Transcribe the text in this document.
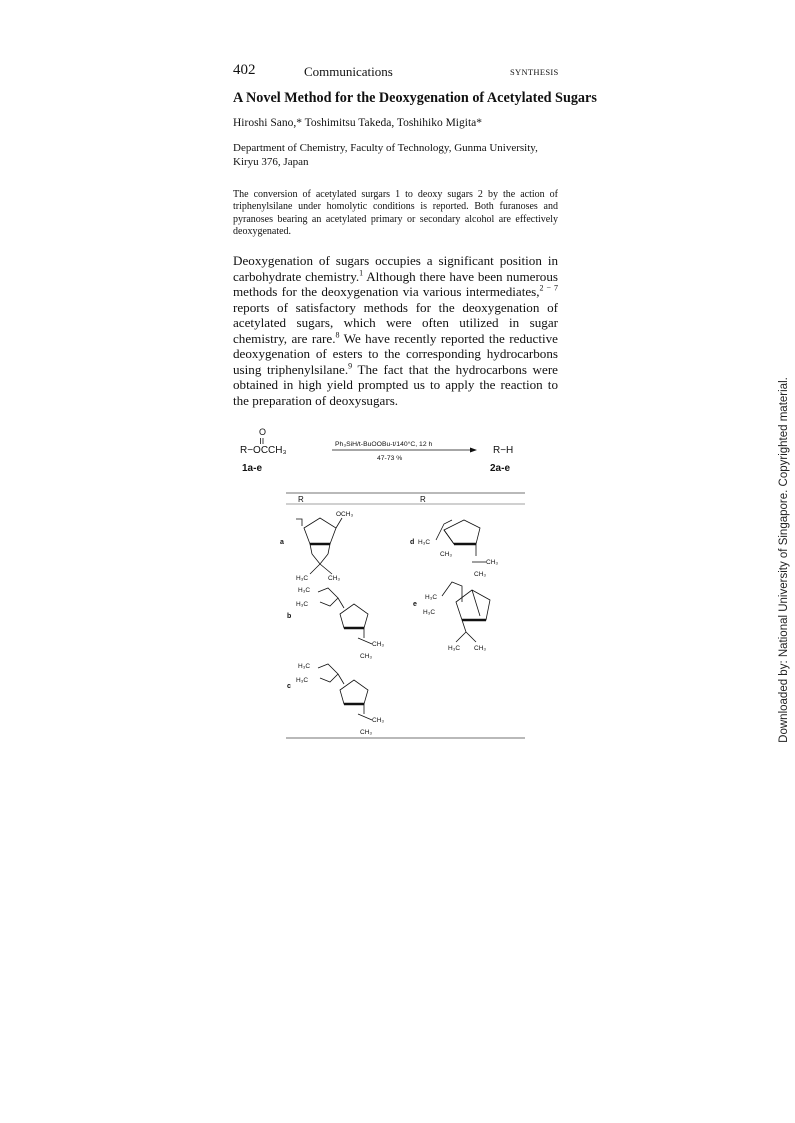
402	Communications	SYNTHESIS
A Novel Method for the Deoxygenation of Acetylated Sugars
Hiroshi Sano,* Toshimitsu Takeda, Toshihiko Migita*
Department of Chemistry, Faculty of Technology, Gunma University, Kiryu 376, Japan
The conversion of acetylated surgars 1 to deoxy sugars 2 by the action of triphenylsilane under homolytic conditions is reported. Both furanoses and pyranoses bearing an acetylated primary or secondary alcohol are effectively deoxygenated.
Deoxygenation of sugars occupies a significant position in carbohydrate chemistry.$^1$ Although there have been numerous methods for the deoxygenation via various intermediates,$^{2 - 7}$ reports of satisfactory methods for the deoxygenation of acetylated sugars, which were often utilized in sugar chemistry, are rare.$^8$ We have recently reported the reductive deoxygenation of esters to the corresponding hydrocarbons using triphenylsilane.$^9$ The fact that the hydrocarbons were obtained in high yield prompted us to apply the reaction to the preparation of deoxysugars.
O
R−OCCH₃
1a-e
Ph₃SiH/t-BuOOBu-t/140°C, 12 h
47-73 %
R−H
2a-e
R	R
a
OCH₃
H₃C	CH₃
b
H₃C
H₃C
CH₃
CH₃
c
H₃C
H₃C
CH₃
CH₃
d H₃C
CH₃
CH₃
CH₃
e
H₃C
H₃C
H₃C CH₃	Downloaded by: National University of Singapore. Copyrighted material.
